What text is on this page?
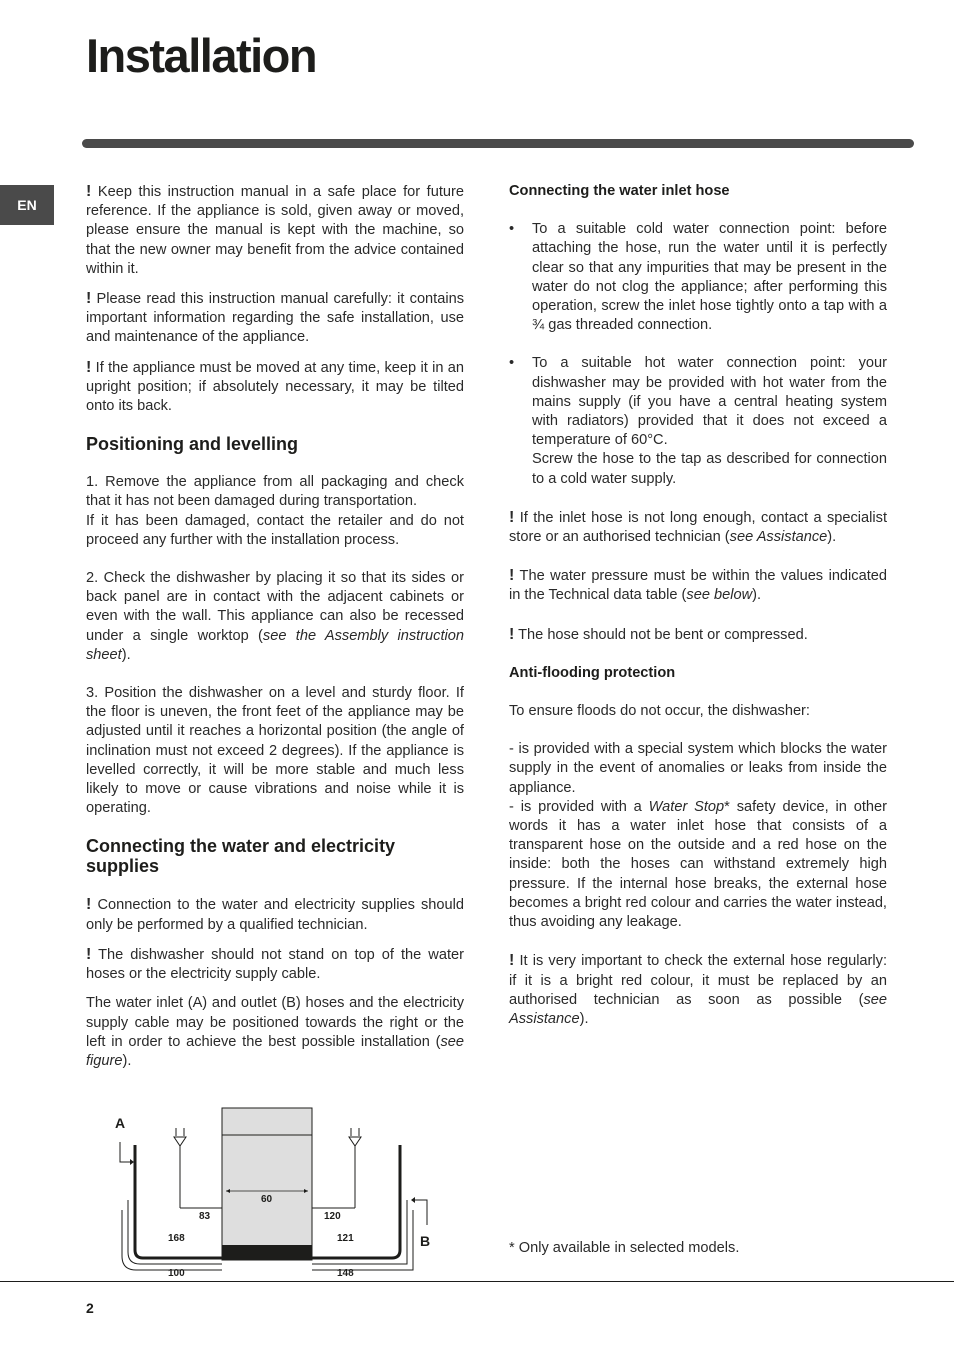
Installation
EN

! Keep this instruction manual in a safe place for future reference. If the appliance is sold, given away or moved, please ensure the manual is kept with the machine, so that the new owner may benefit from the advice contained within it.

! Please read this instruction manual carefully: it contains important information regarding the safe installation, use and maintenance of the appliance.

! If the appliance must be moved at any time, keep it in an upright position; if absolutely necessary, it may be tilted onto its back.

Positioning and levelling
1. Remove the appliance from all packaging and check that it has not been damaged during transportation.
If it has been damaged, contact the retailer and do not proceed any further with the installation process.
2. Check the dishwasher by placing it so that its sides or back panel are in contact with the adjacent cabinets or even with the wall. This appliance can also be recessed under a single worktop (see the Assembly instruction sheet).
3. Position the dishwasher on a level and sturdy floor. If the floor is uneven, the front feet of the appliance may be adjusted until it reaches a horizontal position (the angle of inclination must not exceed 2 degrees). If the appliance is levelled correctly, it will be more stable and much less likely to move or cause vibrations and noise while it is operating.
Connecting the water and electricity supplies

! Connection to the water and electricity supplies should only be performed by a qualified technician.

! The dishwasher should not stand on top of the water hoses or the electricity supply cable.

The water inlet (A) and outlet (B) hoses and the electricity supply cable may be positioned towards the right or the left in order to achieve the best possible installation (see figure).

Connecting the water inlet hose
• To a suitable cold water connection point: before attaching the hose, run the water until it is perfectly clear so that any impurities that may be present in the water do not clog the appliance; after performing this operation, screw the inlet hose tightly onto a tap with a ¾ gas threaded connection.
• To a suitable hot water connection point: your dishwasher may be provided with hot water from the mains supply (if you have a central heating system with radiators) provided that it does not exceed a temperature of 60°C.
Screw the hose to the tap as described for connection to a cold water supply.
! If the inlet hose is not long enough, contact a specialist store or an authorised technician (see Assistance).
! The water pressure must be within the values indicated in the Technical data table (see below).
! The hose should not be bent or compressed.
Anti-flooding protection
To ensure floods do not occur, the dishwasher:
- is provided with a special system which blocks the water supply in the event of anomalies or leaks from inside the appliance.
- is provided with a Water Stop* safety device, in other words it has a water inlet hose that consists of a transparent hose on the outside and a red hose on the inside: both the hoses can withstand extremely high pressure. If the internal hose breaks, the external hose becomes a bright red colour and carries the water instead, thus avoiding any leakage.
! It is very important to check the external hose regularly: if it is a bright red colour, it must be replaced by an authorised technician as soon as possible (see Assistance).
A
B
60
83	120
168	121
100	148
* Only available in selected models.
2
